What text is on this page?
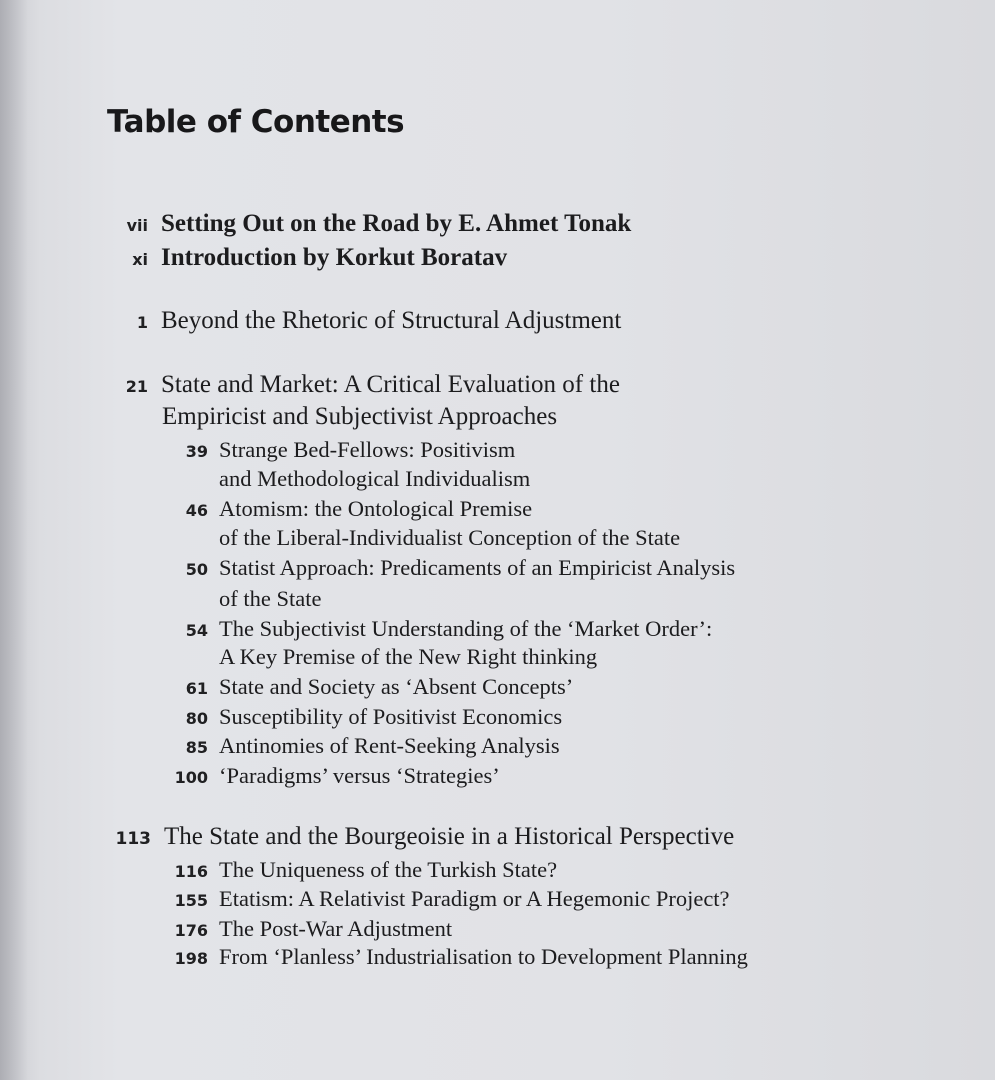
Table of Contents
vii Setting Out on the Road by E. Ahmet Tonak
xi Introduction by Korkut Boratav
1 Beyond the Rhetoric of Structural Adjustment
21 State and Market: A Critical Evaluation of the
Empiricist and Subjectivist Approaches
39 Strange Bed-Fellows: Positivism
and Methodological Individualism
46 Atomism: the Ontological Premise
of the Liberal-Individualist Conception of the State
50 Statist Approach: Predicaments of an Empiricist Analysis
of the State
54 The Subjectivist Understanding of the ‘Market Order’:
A Key Premise of the New Right thinking
61 State and Society as ‘Absent Concepts’
80 Susceptibility of Positivist Economics
85 Antinomies of Rent-Seeking Analysis
100 ‘Paradigms’ versus ‘Strategies’
113 The State and the Bourgeoisie in a Historical Perspective
116 The Uniqueness of the Turkish State?
155 Etatism: A Relativist Paradigm or A Hegemonic Project?
176 The Post-War Adjustment
198 From ‘Planless’ Industrialisation to Development Planning
